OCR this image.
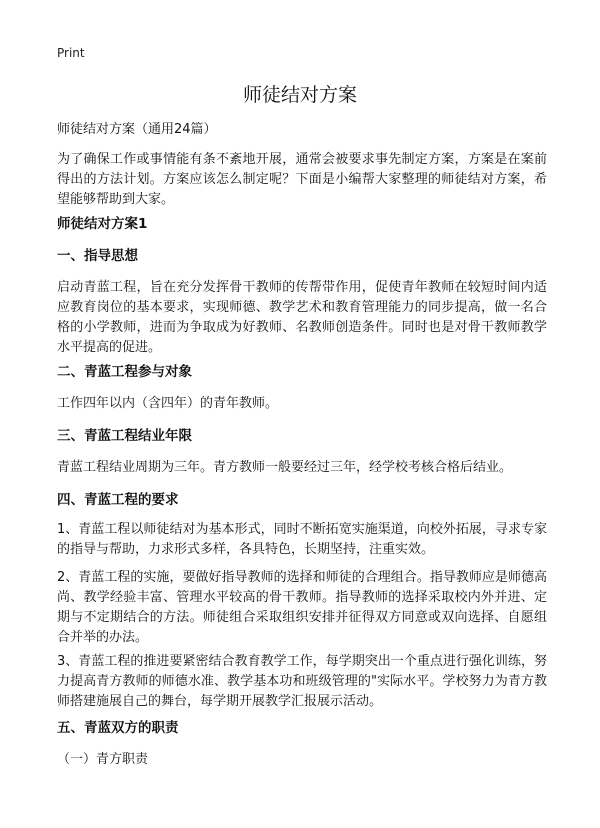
Print
师徒结对方案
师徒结对方案（通用24篇）
为了确保工作或事情能有条不紊地开展，通常会被要求事先制定方案，方案是在案前得出的方法计划。方案应该怎么制定呢？下面是小编帮大家整理的师徒结对方案，希望能够帮助到大家。
师徒结对方案1
一、指导思想
启动青蓝工程，旨在充分发挥骨干教师的传帮带作用，促使青年教师在较短时间内适应教育岗位的基本要求，实现师德、教学艺术和教育管理能力的同步提高，做一名合格的小学教师，进而为争取成为好教师、名教师创造条件。同时也是对骨干教师教学水平提高的促进。
二、青蓝工程参与对象
工作四年以内（含四年）的青年教师。
三、青蓝工程结业年限
青蓝工程结业周期为三年。青方教师一般要经过三年，经学校考核合格后结业。
四、青蓝工程的要求
1、青蓝工程以师徒结对为基本形式，同时不断拓宽实施渠道，向校外拓展，寻求专家的指导与帮助，力求形式多样，各具特色，长期坚持，注重实效。
2、青蓝工程的实施，要做好指导教师的选择和师徒的合理组合。指导教师应是师德高尚、教学经验丰富、管理水平较高的骨干教师。指导教师的选择采取校内外并进、定期与不定期结合的方法。师徒组合采取组织安排并征得双方同意或双向选择、自愿组合并举的办法。
3、青蓝工程的推进要紧密结合教育教学工作，每学期突出一个重点进行强化训练，努力提高青方教师的师德水准、教学基本功和班级管理的"实际水平。学校努力为青方教师搭建施展自己的舞台，每学期开展教学汇报展示活动。
五、青蓝双方的职责
（一）青方职责
